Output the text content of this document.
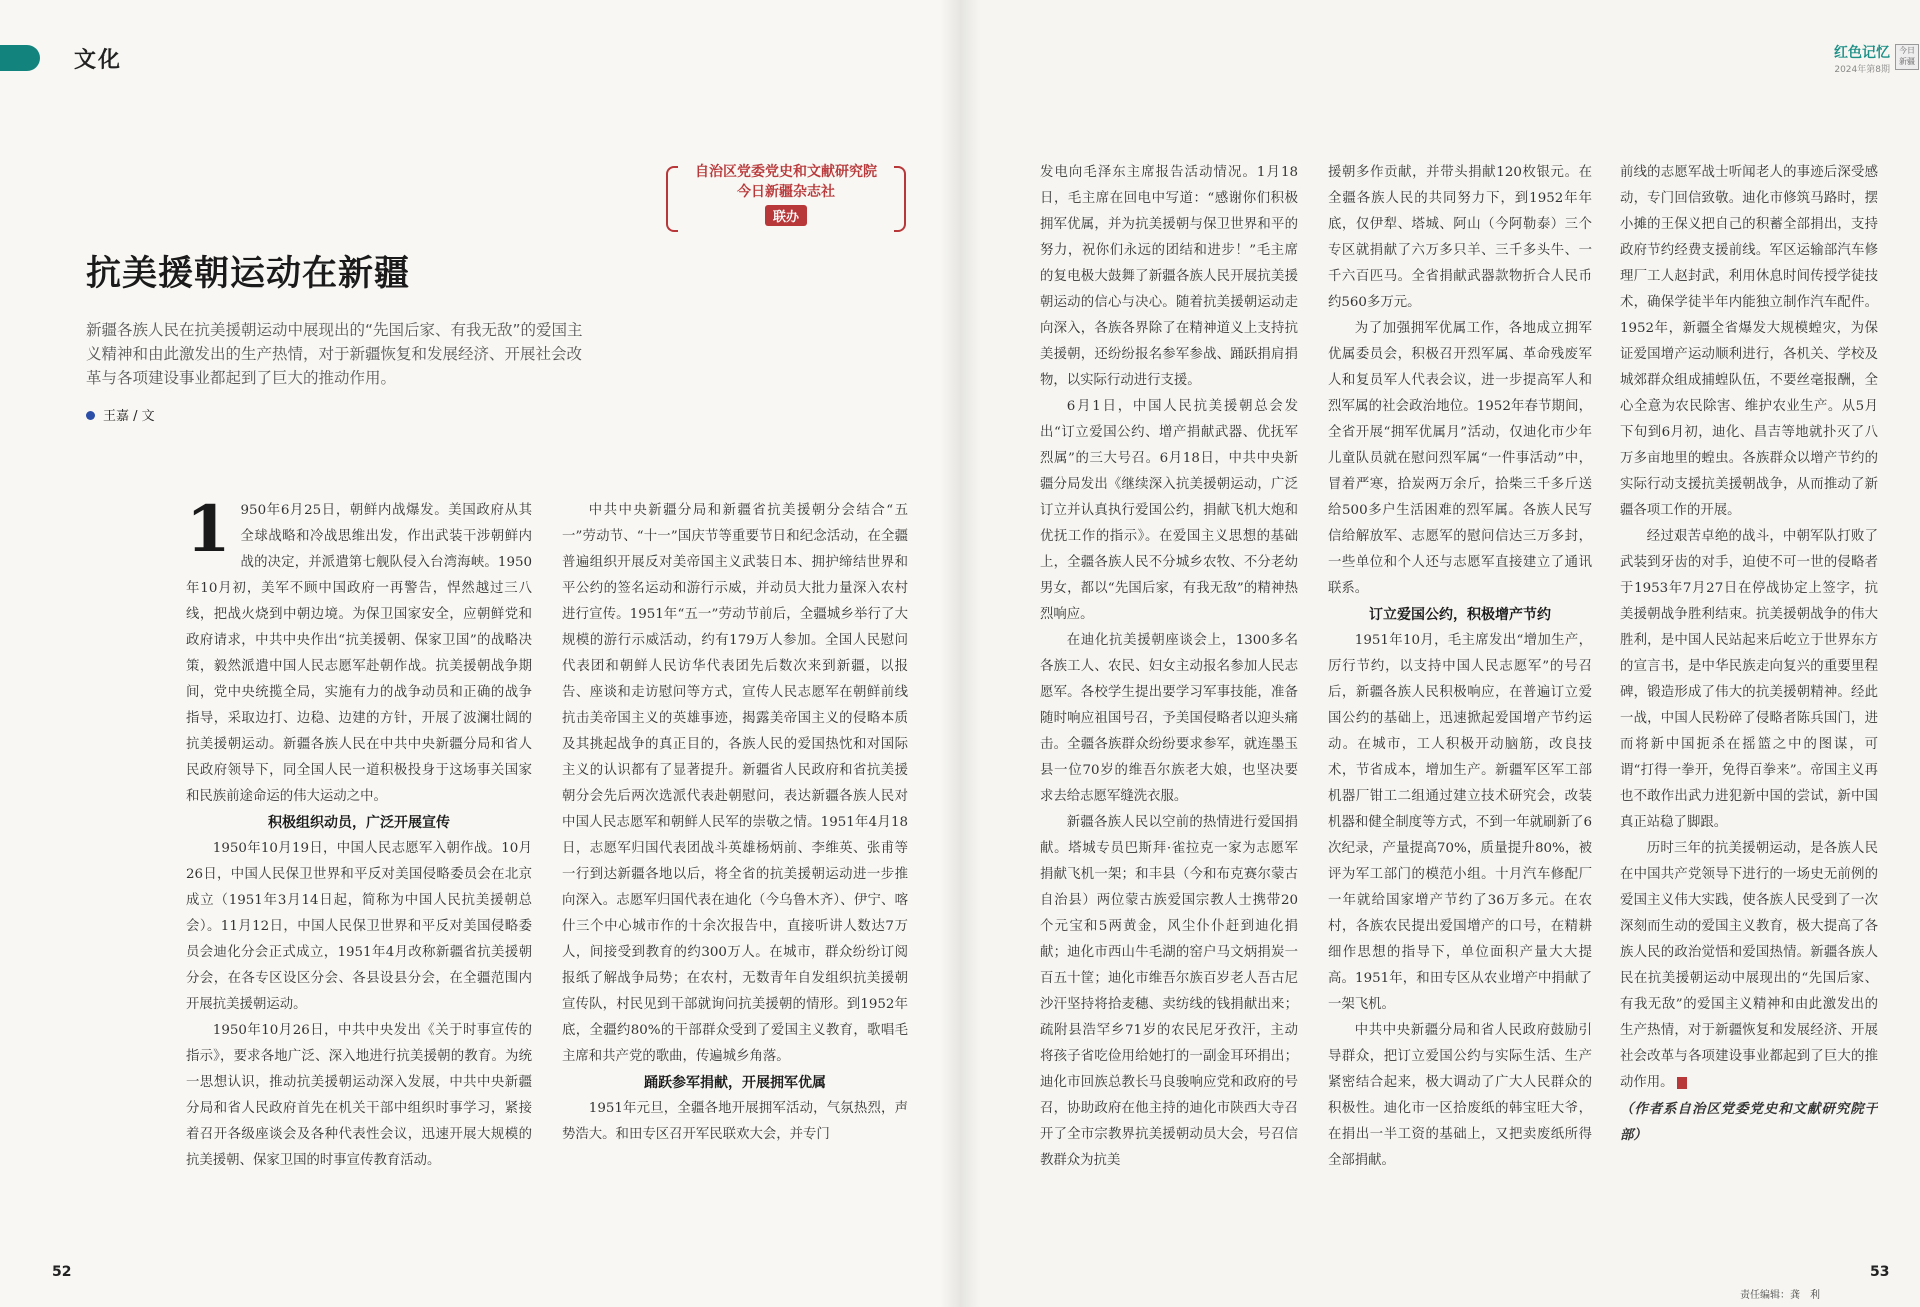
文化	红色记忆
2024年第8期
今日新疆
自治区党委党史和文献研究院
今日新疆杂志社
联办
抗美援朝运动在新疆
新疆各族人民在抗美援朝运动中展现出的“先国后家、有我无敌”的爱国主义精神和由此激发出的生产热情，对于新疆恢复和发展经济、开展社会改革与各项建设事业都起到了巨大的推动作用。
王嘉 / 文

1 950年6月25日，朝鲜内战爆发。美国政府从其全球战略和冷战思维出发，作出武装干涉朝鲜内战的决定，并派遣第七舰队侵入台湾海峡。1950年10月初，美军不顾中国政府一再警告，悍然越过三八线，把战火烧到中朝边境。为保卫国家安全，应朝鲜党和政府请求，中共中央作出“抗美援朝、保家卫国”的战略决策，毅然派遣中国人民志愿军赴朝作战。抗美援朝战争期间，党中央统揽全局，实施有力的战争动员和正确的战争指导，采取边打、边稳、边建的方针，开展了波澜壮阔的抗美援朝运动。新疆各族人民在中共中央新疆分局和省人民政府领导下，同全国人民一道积极投身于这场事关国家和民族前途命运的伟大运动之中。

积极组织动员，广泛开展宣传

1950年10月19日，中国人民志愿军入朝作战。10月26日，中国人民保卫世界和平反对美国侵略委员会在北京成立（1951年3月14日起，简称为中国人民抗美援朝总会）。11月12日，中国人民保卫世界和平反对美国侵略委员会迪化分会正式成立，1951年4月改称新疆省抗美援朝分会，在各专区设区分会、各县设县分会，在全疆范围内开展抗美援朝运动。

1950年10月26日，中共中央发出《关于时事宣传的指示》，要求各地广泛、深入地进行抗美援朝的教育。为统一思想认识，推动抗美援朝运动深入发展，中共中央新疆分局和省人民政府首先在机关干部中组织时事学习，紧接着召开各级座谈会及各种代表性会议，迅速开展大规模的抗美援朝、保家卫国的时事宣传教育活动。

中共中央新疆分局和新疆省抗美援朝分会结合“五一”劳动节、“十一”国庆节等重要节日和纪念活动，在全疆普遍组织开展反对美帝国主义武装日本、拥护缔结世界和平公约的签名运动和游行示威，并动员大批力量深入农村进行宣传。1951年“五一”劳动节前后，全疆城乡举行了大规模的游行示威活动，约有179万人参加。全国人民慰问代表团和朝鲜人民访华代表团先后数次来到新疆，以报告、座谈和走访慰问等方式，宣传人民志愿军在朝鲜前线抗击美帝国主义的英雄事迹，揭露美帝国主义的侵略本质及其挑起战争的真正目的，各族人民的爱国热忱和对国际主义的认识都有了显著提升。新疆省人民政府和省抗美援朝分会先后两次选派代表赴朝慰问，表达新疆各族人民对中国人民志愿军和朝鲜人民军的崇敬之情。1951年4月18日，志愿军归国代表团战斗英雄杨炳前、李维英、张甫等一行到达新疆各地以后，将全省的抗美援朝运动进一步推向深入。志愿军归国代表在迪化（今乌鲁木齐）、伊宁、喀什三个中心城市作的十余次报告中，直接听讲人数达7万人，间接受到教育的约300万人。在城市，群众纷纷订阅报纸了解战争局势；在农村，无数青年自发组织抗美援朝宣传队，村民见到干部就询问抗美援朝的情形。到1952年底，全疆约80%的干部群众受到了爱国主义教育，歌唱毛主席和共产党的歌曲，传遍城乡角落。

踊跃参军捐献，开展拥军优属

1951年元旦，全疆各地开展拥军活动，气氛热烈，声势浩大。和田专区召开军民联欢大会，并专门

发电向毛泽东主席报告活动情况。1月18日，毛主席在回电中写道：“感谢你们积极拥军优属，并为抗美援朝与保卫世界和平的努力，祝你们永远的团结和进步！”毛主席的复电极大鼓舞了新疆各族人民开展抗美援朝运动的信心与决心。随着抗美援朝运动走向深入，各族各界除了在精神道义上支持抗美援朝，还纷纷报名参军参战、踊跃捐肩捐物，以实际行动进行支援。

6月1日，中国人民抗美援朝总会发出“订立爱国公约、增产捐献武器、优抚军烈属”的三大号召。6月18日，中共中央新疆分局发出《继续深入抗美援朝运动，广泛订立并认真执行爱国公约，捐献飞机大炮和优抚工作的指示》。在爱国主义思想的基础上，全疆各族人民不分城乡农牧、不分老幼男女，都以“先国后家，有我无敌”的精神热烈响应。

在迪化抗美援朝座谈会上，1300多名各族工人、农民、妇女主动报名参加人民志愿军。各校学生提出要学习军事技能，准备随时响应祖国号召，予美国侵略者以迎头痛击。全疆各族群众纷纷要求参军，就连墨玉县一位70岁的维吾尔族老大娘，也坚决要求去给志愿军缝洗衣服。

新疆各族人民以空前的热情进行爱国捐献。塔城专员巴斯拜·雀拉克一家为志愿军捐献飞机一架；和丰县（今和布克赛尔蒙古自治县）两位蒙古族爱国宗教人士携带20个元宝和5两黄金，风尘仆仆赶到迪化捐献；迪化市西山牛毛湖的窑户马文炳捐炭一百五十筐；迪化市维吾尔族百岁老人吾古尼沙汗坚持将拾麦穗、卖纺线的钱捐献出来；疏附县浩罕乡71岁的农民尼牙孜汗，主动将孩子省吃俭用给她打的一副金耳环捐出；迪化市回族总教长马良骏响应党和政府的号召，协助政府在他主持的迪化市陕西大寺召开了全市宗教界抗美援朝动员大会，号召信教群众为抗美

援朝多作贡献，并带头捐献120枚银元。在全疆各族人民的共同努力下，到1952年年底，仅伊犁、塔城、阿山（今阿勒泰）三个专区就捐献了六万多只羊、三千多头牛、一千六百匹马。全省捐献武器款物折合人民币约560多万元。

为了加强拥军优属工作，各地成立拥军优属委员会，积极召开烈军属、革命残废军人和复员军人代表会议，进一步提高军人和烈军属的社会政治地位。1952年春节期间，全省开展“拥军优属月”活动，仅迪化市少年儿童队员就在慰问烈军属“一件事活动”中，冒着严寒，拾炭两万余斤，拾柴三千多斤送给500多户生活困难的烈军属。各族人民写信给解放军、志愿军的慰问信达三万多封，一些单位和个人还与志愿军直接建立了通讯联系。

订立爱国公约，积极增产节约

1951年10月，毛主席发出“增加生产，厉行节约，以支持中国人民志愿军”的号召后，新疆各族人民积极响应，在普遍订立爱国公约的基础上，迅速掀起爱国增产节约运动。在城市，工人积极开动脑筋，改良技术，节省成本，增加生产。新疆军区军工部机器厂钳工二组通过建立技术研究会，改装机器和健全制度等方式，不到一年就刷新了6次纪录，产量提高70%，质量提升80%，被评为军工部门的模范小组。十月汽车修配厂一年就给国家增产节约了36万多元。在农村，各族农民提出爱国增产的口号，在精耕细作思想的指导下，单位面积产量大大提高。1951年，和田专区从农业增产中捐献了一架飞机。

中共中央新疆分局和省人民政府鼓励引导群众，把订立爱国公约与实际生活、生产紧密结合起来，极大调动了广大人民群众的积极性。迪化市一区拾废纸的韩宝旺大爷，在捐出一半工资的基础上，又把卖废纸所得全部捐献。

前线的志愿军战士听闻老人的事迹后深受感动，专门回信致敬。迪化市修筑马路时，摆小摊的王保义把自己的积蓄全部捐出，支持政府节约经费支援前线。军区运输部汽车修理厂工人赵封武，利用休息时间传授学徒技术，确保学徒半年内能独立制作汽车配件。1952年，新疆全省爆发大规模蝗灾，为保证爱国增产运动顺利进行，各机关、学校及城郊群众组成捕蝗队伍，不要丝毫报酬，全心全意为农民除害、维护农业生产。从5月下旬到6月初，迪化、昌吉等地就扑灭了八万多亩地里的蝗虫。各族群众以增产节约的实际行动支援抗美援朝战争，从而推动了新疆各项工作的开展。

经过艰苦卓绝的战斗，中朝军队打败了武装到牙齿的对手，迫使不可一世的侵略者于1953年7月27日在停战协定上签字，抗美援朝战争胜利结束。抗美援朝战争的伟大胜利，是中国人民站起来后屹立于世界东方的宣言书，是中华民族走向复兴的重要里程碑，锻造形成了伟大的抗美援朝精神。经此一战，中国人民粉碎了侵略者陈兵国门，进而将新中国扼杀在摇篮之中的图谋，可谓“打得一拳开，免得百拳来”。帝国主义再也不敢作出武力进犯新中国的尝试，新中国真正站稳了脚跟。

历时三年的抗美援朝运动，是各族人民在中国共产党领导下进行的一场史无前例的爱国主义伟大实践，使各族人民受到了一次深刻而生动的爱国主义教育，极大提高了各族人民的政治觉悟和爱国热情。新疆各族人民在抗美援朝运动中展现出的“先国后家、有我无敌”的爱国主义精神和由此激发出的生产热情，对于新疆恢复和发展经济、开展社会改革与各项建设事业都起到了巨大的推动作用。

（作者系自治区党委党史和文献研究院干部）

52	53
责任编辑：龚　利
